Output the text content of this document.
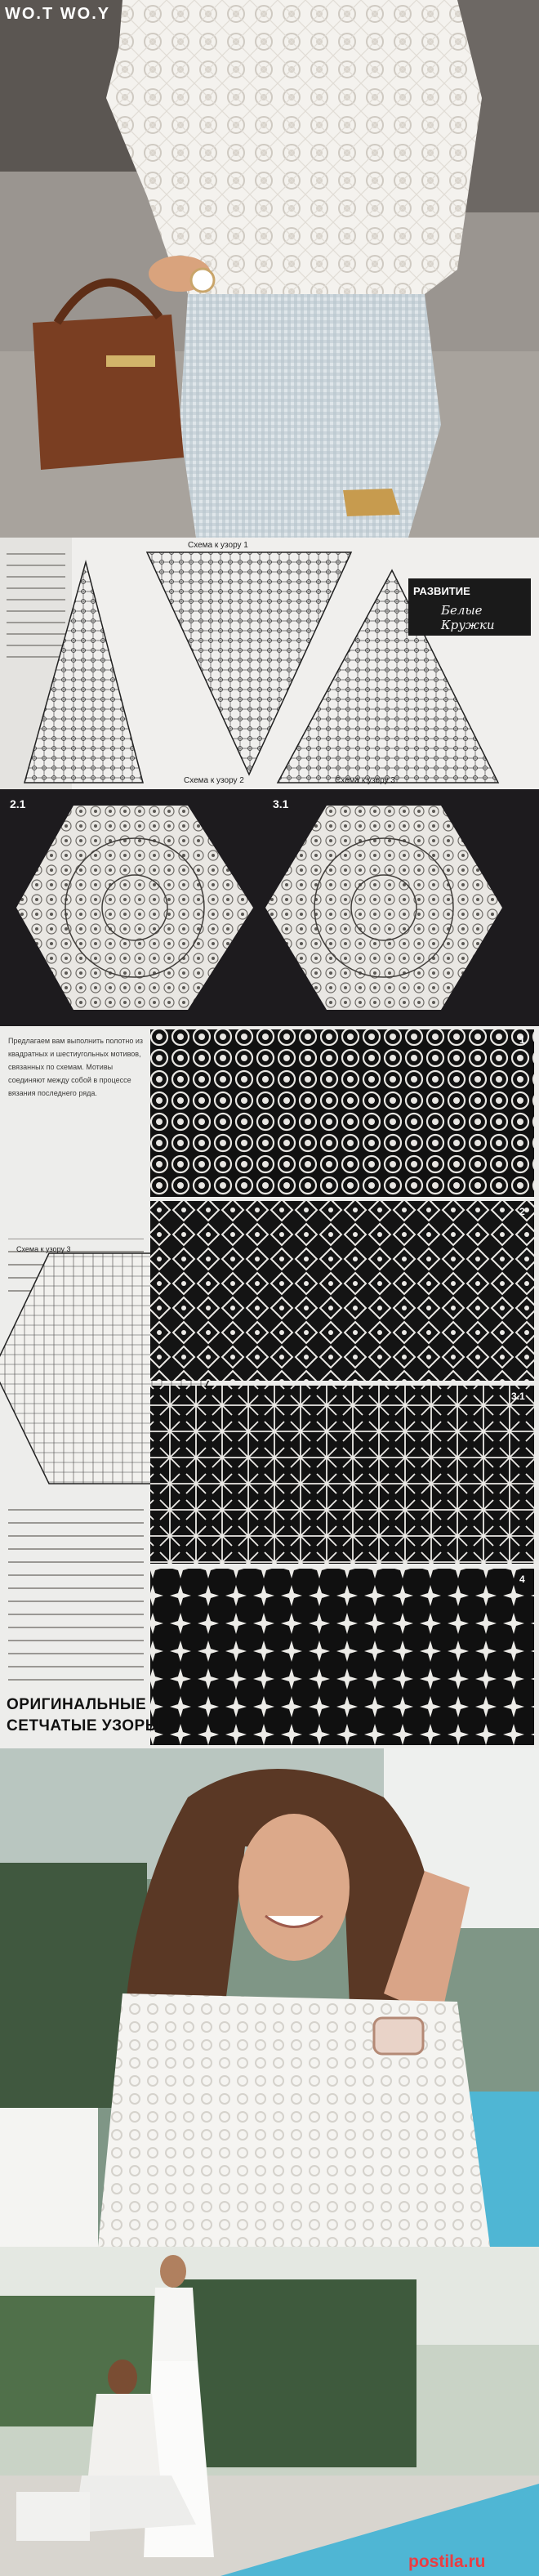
WO.T WO.Y
Схема к узору 1
Схема к узору 2	Схема к узору 3
РАЗВИТИЕ
Белые Кружки
2.1	3.1
Предлагаем вам выполнить полотно из квадратных и шестиугольных мотивов, связанных по схемам. Мотивы соединяют между собой в процессе вязания последнего ряда.
Схема к узору 3
1
2
3.1
4
ОРИГИНАЛЬНЫЕ
СЕТЧАТЫЕ УЗОРЫ
postila.ru
